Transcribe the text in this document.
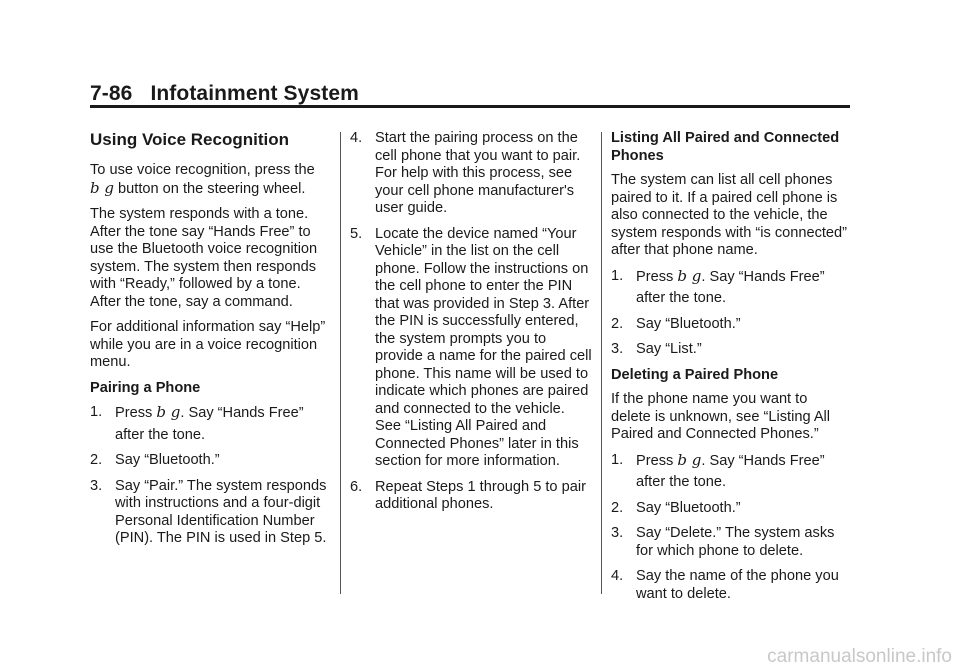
7-86 Infotainment System
Using Voice Recognition

To use voice recognition, press the
b g button on the steering wheel.

The system responds with a tone. After the tone say “Hands Free” to use the Bluetooth voice recognition system. The system then responds with “Ready,” followed by a tone. After the tone, say a command.

For additional information say “Help” while you are in a voice recognition menu.

Pairing a Phone
1. Press b g. Say “Hands Free”
after the tone.
2. Say “Bluetooth.”
3. Say “Pair.” The system responds with instructions and a four-digit Personal Identification Number (PIN). The PIN is used in Step 5.
4. Start the pairing process on the cell phone that you want to pair. For help with this process, see your cell phone manufacturer's user guide.
5. Locate the device named “Your Vehicle” in the list on the cell phone. Follow the instructions on the cell phone to enter the PIN that was provided in Step 3. After the PIN is successfully entered, the system prompts you to provide a name for the paired cell phone. This name will be used to indicate which phones are paired and connected to the vehicle. See “Listing All Paired and Connected Phones” later in this section for more information.
6. Repeat Steps 1 through 5 to pair additional phones.
Listing All Paired and Connected Phones

The system can list all cell phones paired to it. If a paired cell phone is also connected to the vehicle, the system responds with “is connected” after that phone name.

1. Press b g. Say “Hands Free”
after the tone.
2. Say “Bluetooth.”
3. Say “List.”
Deleting a Paired Phone

If the phone name you want to delete is unknown, see “Listing All Paired and Connected Phones.”

1. Press b g. Say “Hands Free”
after the tone.
2. Say “Bluetooth.”
3. Say “Delete.” The system asks for which phone to delete.
4. Say the name of the phone you want to delete.
carmanualsonline.info
